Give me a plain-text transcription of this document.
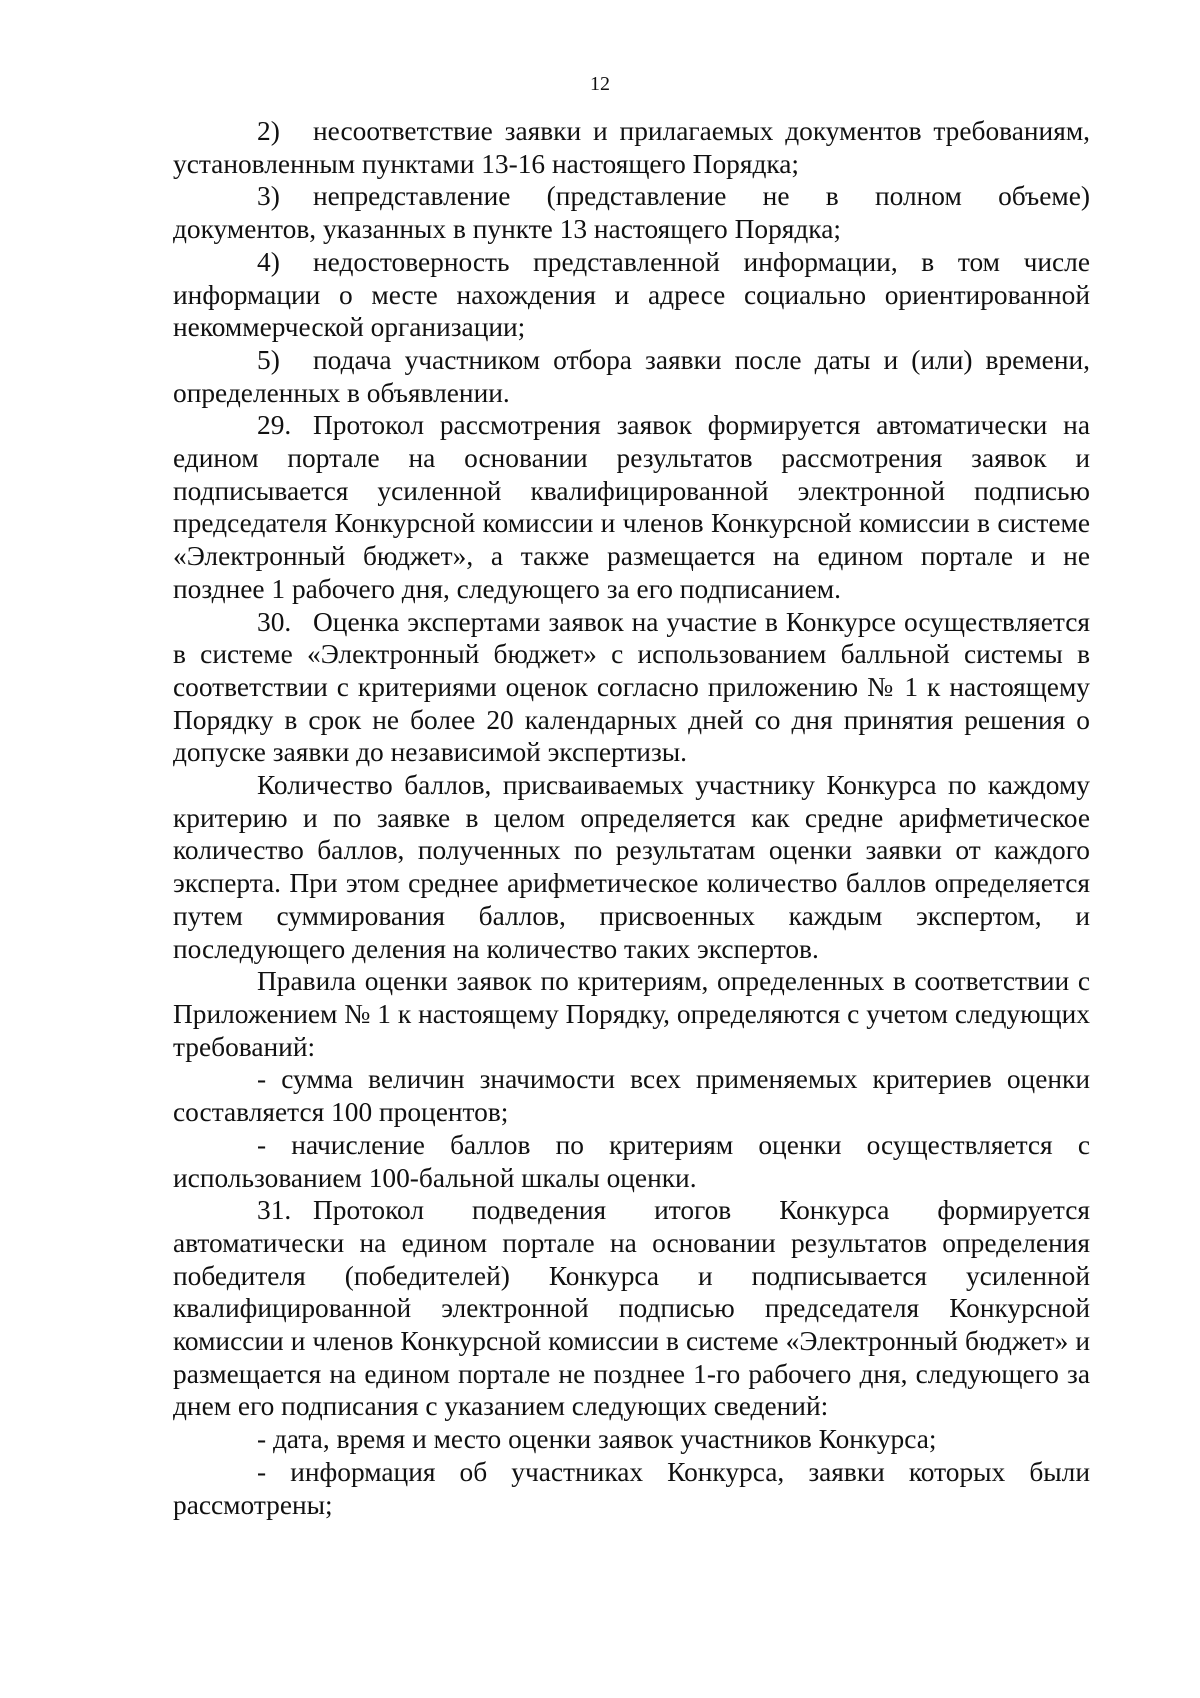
12

2) несоответствие заявки и прилагаемых документов требованиям, установленным пунктами 13-16 настоящего Порядка;

3) непредставление (представление не в полном объеме) документов, указанных в пункте 13 настоящего Порядка;

4) недостоверность представленной информации, в том числе информации о месте нахождения и адресе социально ориентированной некоммерческой организации;

5) подача участником отбора заявки после даты и (или) времени, определенных в объявлении.

29. Протокол рассмотрения заявок формируется автоматически на едином портале на основании результатов рассмотрения заявок и подписывается усиленной квалифицированной электронной подписью председателя Конкурсной комиссии и членов Конкурсной комиссии в системе «Электронный бюджет», а также размещается на едином портале и не позднее 1 рабочего дня, следующего за его подписанием.

30. Оценка экспертами заявок на участие в Конкурсе осуществляется в системе «Электронный бюджет» с использованием балльной системы в соответствии с критериями оценок согласно приложению № 1 к настоящему Порядку в срок не более 20 календарных дней со дня принятия решения о допуске заявки до независимой экспертизы.

Количество баллов, присваиваемых участнику Конкурса по каждому критерию и по заявке в целом определяется как средне арифметическое количество баллов, полученных по результатам оценки заявки от каждого эксперта. При этом среднее арифметическое количество баллов определяется путем суммирования баллов, присвоенных каждым экспертом, и последующего деления на количество таких экспертов.

Правила оценки заявок по критериям, определенных в соответствии с Приложением № 1 к настоящему Порядку, определяются с учетом следующих требований:

- сумма величин значимости всех применяемых критериев оценки составляется 100 процентов;

- начисление баллов по критериям оценки осуществляется с использованием 100-бальной шкалы оценки.

31. Протокол подведения итогов Конкурса формируется автоматически на едином портале на основании результатов определения победителя (победителей) Конкурса и подписывается усиленной квалифицированной электронной подписью председателя Конкурсной комиссии и членов Конкурсной комиссии в системе «Электронный бюджет» и размещается на едином портале не позднее 1-го рабочего дня, следующего за днем его подписания с указанием следующих сведений:

- дата, время и место оценки заявок участников Конкурса;

- информация об участниках Конкурса, заявки которых были рассмотрены;
